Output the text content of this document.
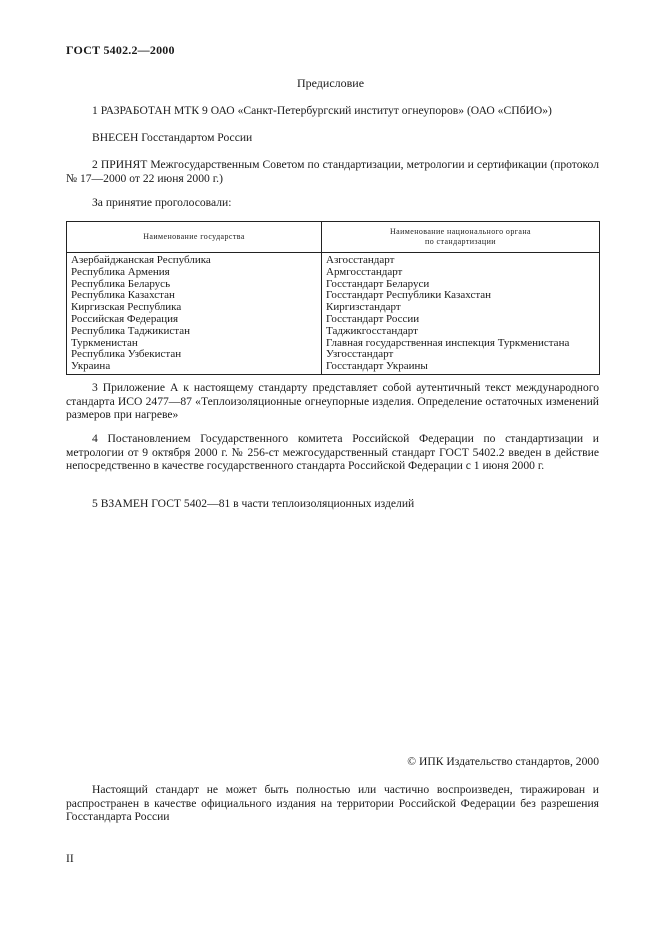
ГОСТ 5402.2—2000
Предисловие
1 РАЗРАБОТАН МТК 9 ОАО «Санкт-Петербургский институт огнеупоров» (ОАО «СПбИО»)
ВНЕСЕН Госстандартом России
2 ПРИНЯТ Межгосударственным Советом по стандартизации, метрологии и сертификации (протокол № 17—2000 от 22 июня 2000 г.)
За принятие проголосовали:
Наименование государства	Наименование национального органа
по стандартизации
Азербайджанская Республика	Азгосстандарт
Республика Армения	Армгосстандарт
Республика Беларусь	Госстандарт Беларуси
Республика Казахстан	Госстандарт Республики Казахстан
Киргизская Республика	Киргизстандарт
Российская Федерация	Госстандарт России
Республика Таджикистан	Таджикгосстандарт
Туркменистан	Главная государственная инспекция Туркменистана
Республика Узбекистан	Узгосстандарт
Украина	Госстандарт Украины
3 Приложение А к настоящему стандарту представляет собой аутентичный текст международного стандарта ИСО 2477—87 «Теплоизоляционные огнеупорные изделия. Определение остаточных изменений размеров при нагреве»
4 Постановлением Государственного комитета Российской Федерации по стандартизации и метрологии от 9 октября 2000 г. № 256-ст межгосударственный стандарт ГОСТ 5402.2 введен в действие непосредственно в качестве государственного стандарта Российской Федерации с 1 июня 2000 г.
5 ВЗАМЕН ГОСТ 5402—81 в части теплоизоляционных изделий
© ИПК Издательство стандартов, 2000
Настоящий стандарт не может быть полностью или частично воспроизведен, тиражирован и распространен в качестве официального издания на территории Российской Федерации без разрешения Госстандарта России
II
